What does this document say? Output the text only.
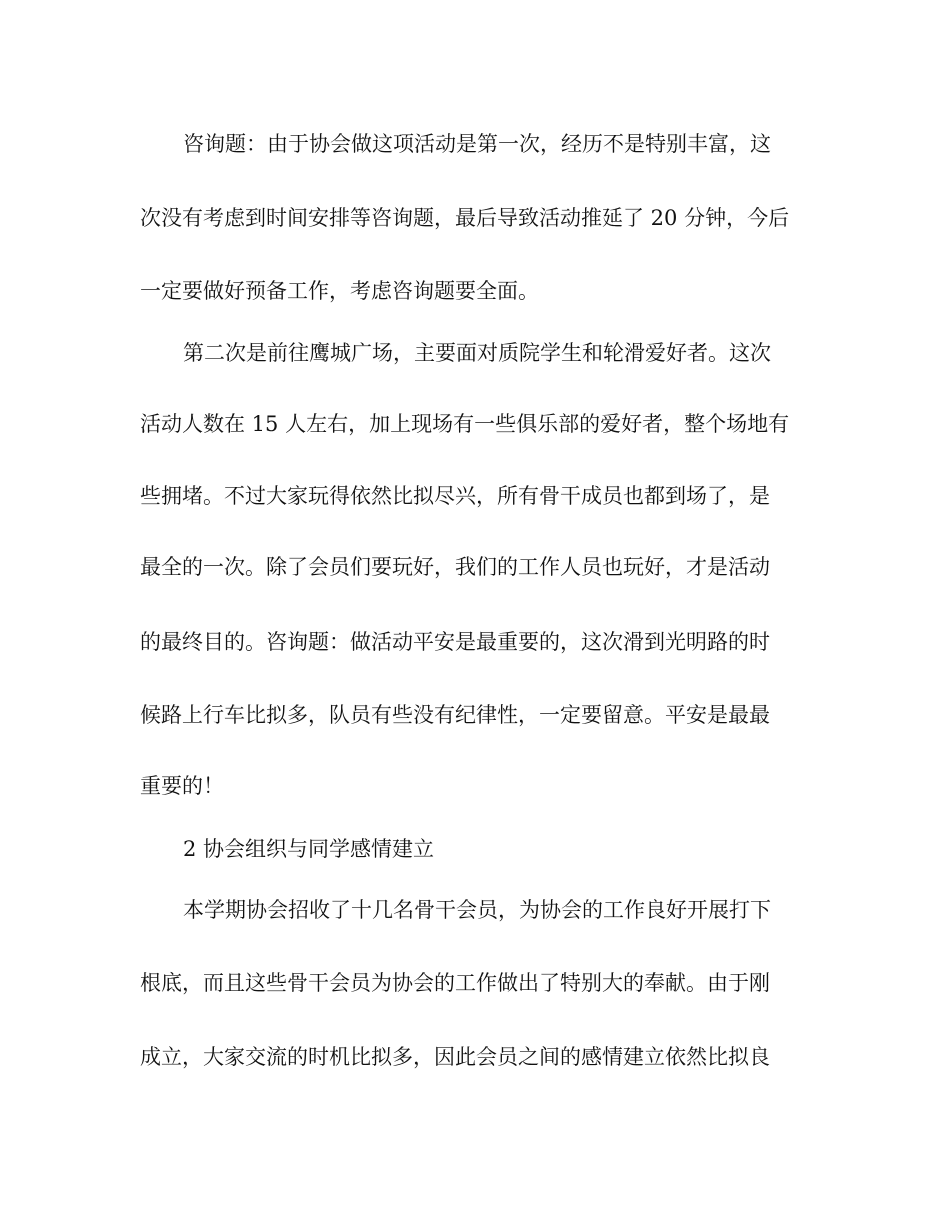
咨询题：由于协会做这项活动是第一次，经历不是特别丰富，这

次没有考虑到时间安排等咨询题，最后导致活动推延了 20 分钟，今后

一定要做好预备工作，考虑咨询题要全面。

第二次是前往鹰城广场，主要面对质院学生和轮滑爱好者。这次

活动人数在 15 人左右，加上现场有一些俱乐部的爱好者，整个场地有

些拥堵。不过大家玩得依然比拟尽兴，所有骨干成员也都到场了，是

最全的一次。除了会员们要玩好，我们的工作人员也玩好，才是活动

的最终目的。咨询题：做活动平安是最重要的，这次滑到光明路的时

候路上行车比拟多，队员有些没有纪律性，一定要留意。平安是最最

重要的！

2 协会组织与同学感情建立

本学期协会招收了十几名骨干会员，为协会的工作良好开展打下

根底，而且这些骨干会员为协会的工作做出了特别大的奉献。由于刚

成立，大家交流的时机比拟多，因此会员之间的感情建立依然比拟良
